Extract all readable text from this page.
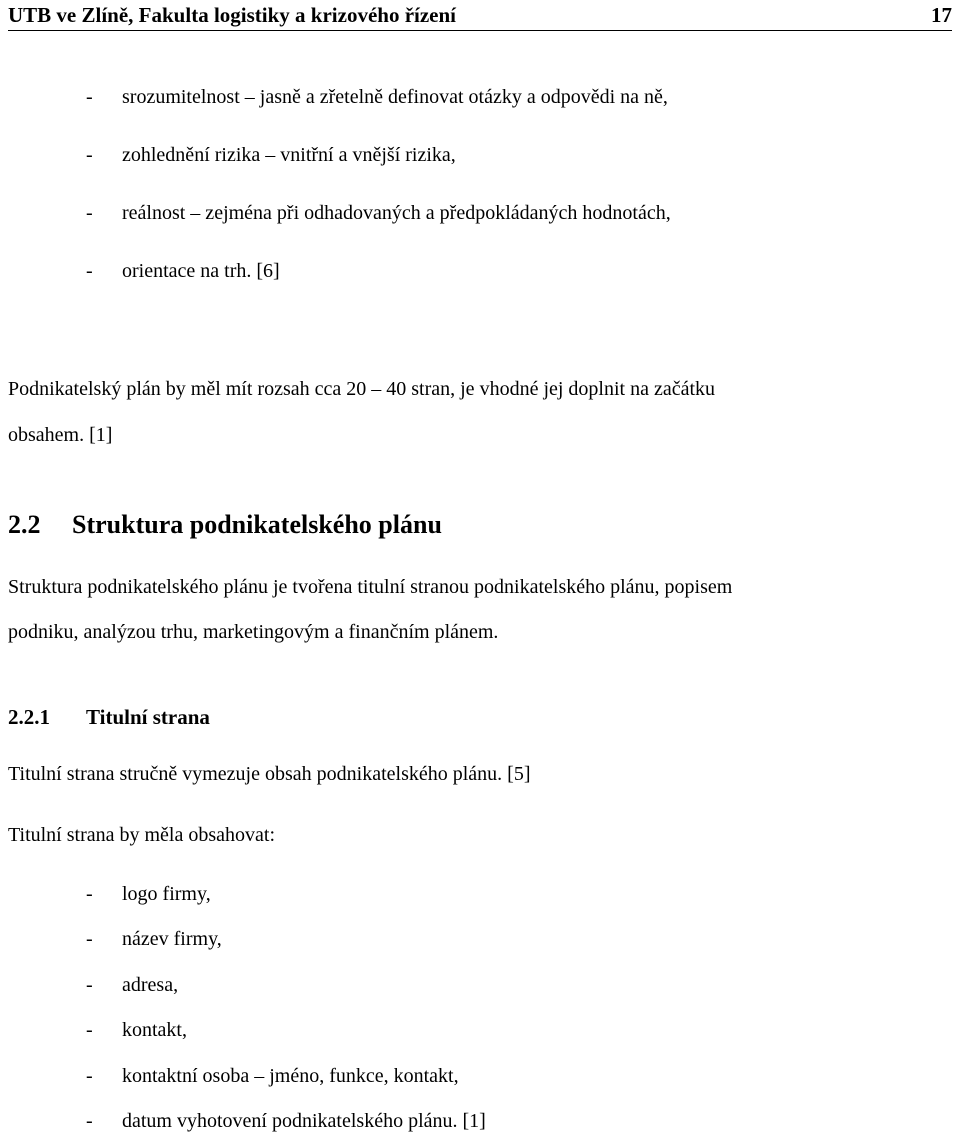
UTB ve Zlíně, Fakulta logistiky a krizového řízení	17
- srozumitelnost – jasně a zřetelně definovat otázky a odpovědi na ně,
- zohlednění rizika – vnitřní a vnější rizika,
- reálnost – zejména při odhadovaných a předpokládaných hodnotách,
- orientace na trh. [6]
Podnikatelský plán by měl mít rozsah cca 20 – 40 stran, je vhodné jej doplnit na začátku
obsahem. [1]
2.2 Struktura podnikatelského plánu
Struktura podnikatelského plánu je tvořena titulní stranou podnikatelského plánu, popisem
podniku, analýzou trhu, marketingovým a finančním plánem.
2.2.1 Titulní strana
Titulní strana stručně vymezuje obsah podnikatelského plánu. [5]
Titulní strana by měla obsahovat:
- logo firmy,
- název firmy,
- adresa,
- kontakt,
- kontaktní osoba – jméno, funkce, kontakt,
- datum vyhotovení podnikatelského plánu. [1]
